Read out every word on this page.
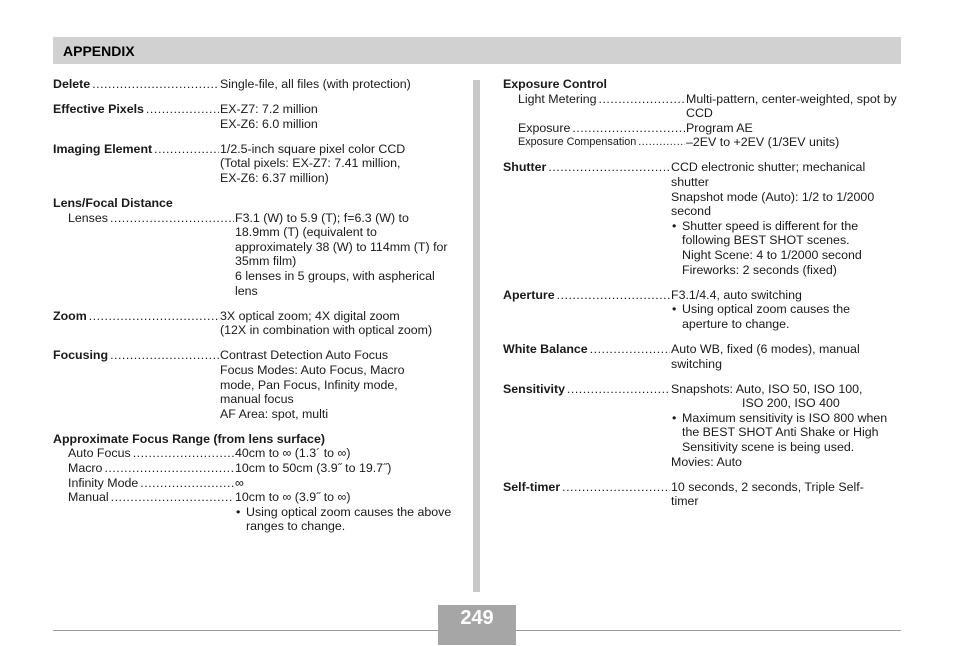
APPENDIX
Delete .....	Single-file, all files (with protection)
Effective Pixels .....	EX-Z7: 7.2 million
EX-Z6: 6.0 million
Imaging Element .....	1/2.5-inch square pixel color CCD
(Total pixels: EX-Z7: 7.41 million,
EX-Z6: 6.37 million)
Lens/Focal Distance
Lenses .....	F3.1 (W) to 5.9 (T); f=6.3 (W) to
18.9mm (T) (equivalent to
approximately 38 (W) to 114mm (T) for
35mm film)
6 lenses in 5 groups, with aspherical
lens
Zoom .....	3X optical zoom; 4X digital zoom
(12X in combination with optical zoom)
Focusing .....	Contrast Detection Auto Focus
Focus Modes: Auto Focus, Macro
mode, Pan Focus, Infinity mode,
manual focus
AF Area: spot, multi
Approximate Focus Range (from lens surface)
Auto Focus .....	40cm to ∞ (1.3´ to ∞)
Macro .....	10cm to 50cm (3.9˝ to 19.7˝)
Infinity Mode .....	∞
Manual .....	10cm to ∞ (3.9˝ to ∞)
• Using optical zoom causes the above
ranges to change.
Exposure Control
Light Metering .....	Multi-pattern, center-weighted, spot by
CCD
Exposure .....	Program AE
Exposure Compensation .....	–2EV to +2EV (1/3EV units)
Shutter .....	CCD electronic shutter; mechanical
shutter
Snapshot mode (Auto): 1/2 to 1/2000
second
• Shutter speed is different for the
following BEST SHOT scenes.
Night Scene: 4 to 1/2000 second
Fireworks: 2 seconds (fixed)
Aperture .....	F3.1/4.4, auto switching
• Using optical zoom causes the
aperture to change.
White Balance .....	Auto WB, fixed (6 modes), manual
switching
Sensitivity .....	Snapshots: Auto, ISO 50, ISO 100,
ISO 200, ISO 400
• Maximum sensitivity is ISO 800 when
the BEST SHOT Anti Shake or High
Sensitivity scene is being used.
Movies: Auto
Self-timer .....	10 seconds, 2 seconds, Triple Self-
timer
249
